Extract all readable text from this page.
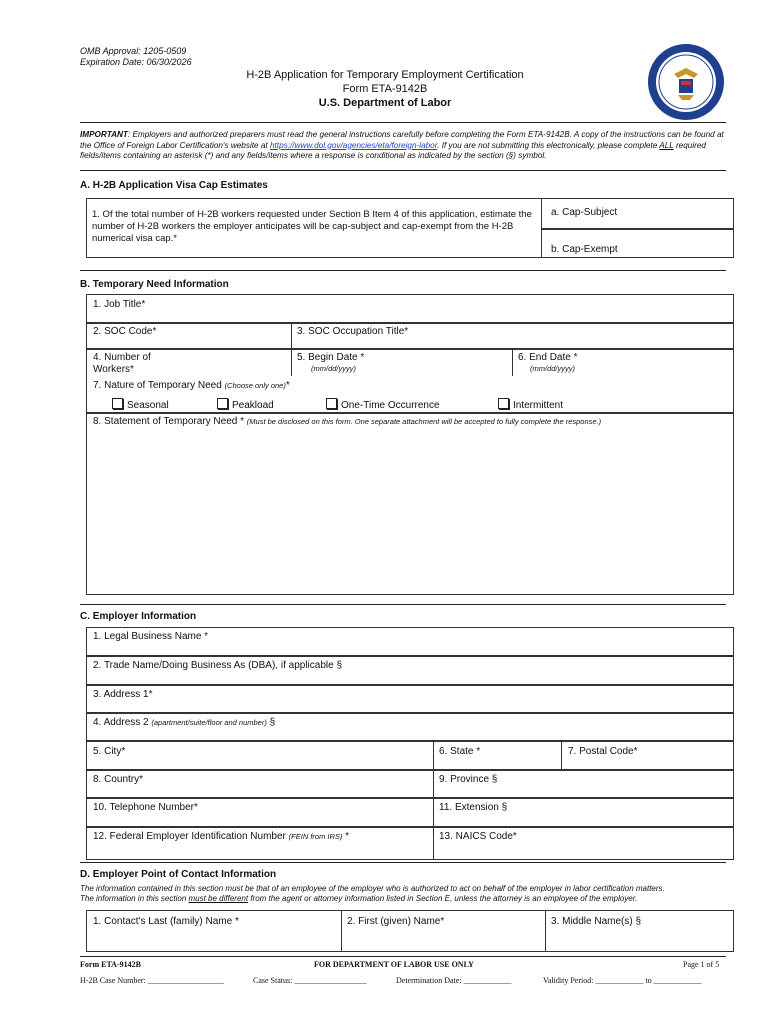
OMB Approval: 1205-0509
Expiration Date: 06/30/2026
H-2B Application for Temporary Employment Certification
Form ETA-9142B
U.S. Department of Labor
IMPORTANT: Employers and authorized preparers must read the general instructions carefully before completing the Form ETA-9142B. A copy of the instructions can be found at the Office of Foreign Labor Certification's website at https://www.dol.gov/agencies/eta/foreign-labor. If you are not submitting this electronically, please complete ALL required fields/items containing an asterisk (*) and any fields/items where a response is conditional as indicated by the section (§) symbol.
A. H-2B Application Visa Cap Estimates
1. Of the total number of H-2B workers requested under Section B Item 4 of this application, estimate the number of H-2B workers the employer anticipates will be cap-subject and cap-exempt from the H-2B numerical visa cap.*
a. Cap-Subject
b. Cap-Exempt
B. Temporary Need Information
1. Job Title*
2. SOC Code*	3. SOC Occupation Title*
4. Number of Workers*
5. Begin Date *
(mm/dd/yyyy)
6. End Date *
(mm/dd/yyyy)
7. Nature of Temporary Need (Choose only one)*
Seasonal	Peakload	One-Time Occurrence	Intermittent
8. Statement of Temporary Need * (Must be disclosed on this form. One separate attachment will be accepted to fully complete the response.)
C. Employer Information
1. Legal Business Name *
2. Trade Name/Doing Business As (DBA), if applicable §
3. Address 1*
4. Address 2 (apartment/suite/floor and number) §
5. City*	6. State *	7. Postal Code*
8. Country*	9. Province §
10. Telephone Number*	11. Extension §
12. Federal Employer Identification Number (FEIN from IRS) *	13. NAICS Code*
D. Employer Point of Contact Information
The information contained in this section must be that of an employee of the employer who is authorized to act on behalf of the employer in labor certification matters.
The information in this section must be different from the agent or attorney information listed in Section E, unless the attorney is an employee of the employer.
1. Contact's Last (family) Name *	2. First (given) Name*	3. Middle Name(s) §
Form ETA-9142B	FOR DEPARTMENT OF LABOR USE ONLY	Page 1 of 5
H-2B Case Number: ___________________	Case Status: __________________	Determination Date: ____________	Validity Period: ____________ to ____________
